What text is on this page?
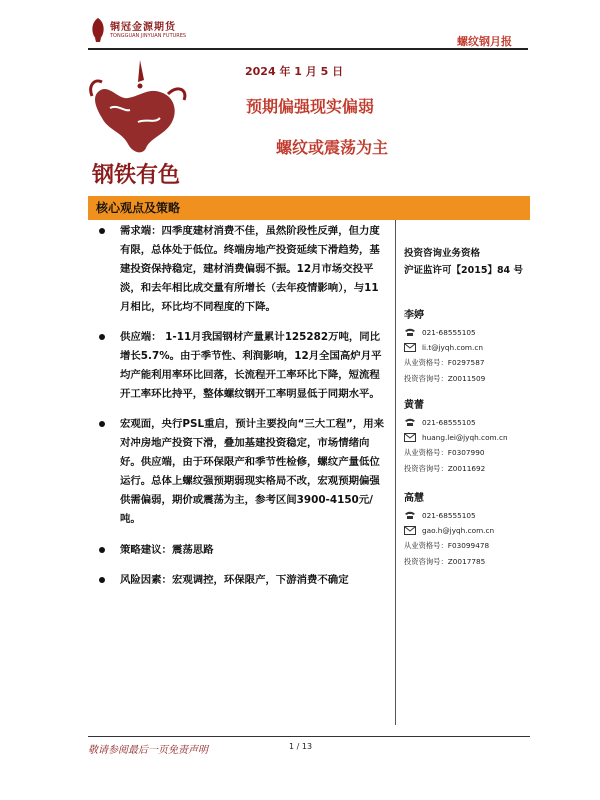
铜冠金源期货
TONGGUAN JINYUAN FUTURES	螺纹钢月报
钢铁有色
2024 年 1 月 5 日
预期偏强现实偏弱
螺纹或震荡为主
核心观点及策略
需求端：四季度建材消费不佳，虽然阶段性反弹，但力度有限，总体处于低位。终端房地产投资延续下滑趋势，基建投资保持稳定，建材消费偏弱不振。12月市场交投平淡，和去年相比成交量有所增长（去年疫情影响），与11月相比，环比均不同程度的下降。
供应端： 1-11月我国钢材产量累计125282万吨，同比增长5.7%。由于季节性、利润影响，12月全国高炉月平均产能利用率环比回落，长流程开工率环比下降，短流程开工率环比持平，整体螺纹钢开工率明显低于同期水平。
宏观面，央行PSL重启，预计主要投向“三大工程”，用来对冲房地产投资下滑，叠加基建投资稳定，市场情绪向好。供应端，由于环保限产和季节性检修，螺纹产量低位运行。总体上螺纹强预期弱现实格局不改，宏观预期偏强供需偏弱，期价或震荡为主，参考区间3900-4150元/吨。
策略建议：震荡思路
风险因素：宏观调控，环保限产，下游消费不确定
投资咨询业务资格
沪证监许可【2015】84 号
李婷
021-68555105
li.t@jyqh.com.cn
从业资格号：F0297587
投资咨询号：Z0011509
黄蕾
021-68555105
huang.lei@jyqh.com.cn
从业资格号：F0307990
投资咨询号：Z0011692
高慧
021-68555105
gao.h@jyqh.com.cn
从业资格号：F03099478
投资咨询号：Z0017785
敬请参阅最后一页免责声明	1 / 13
